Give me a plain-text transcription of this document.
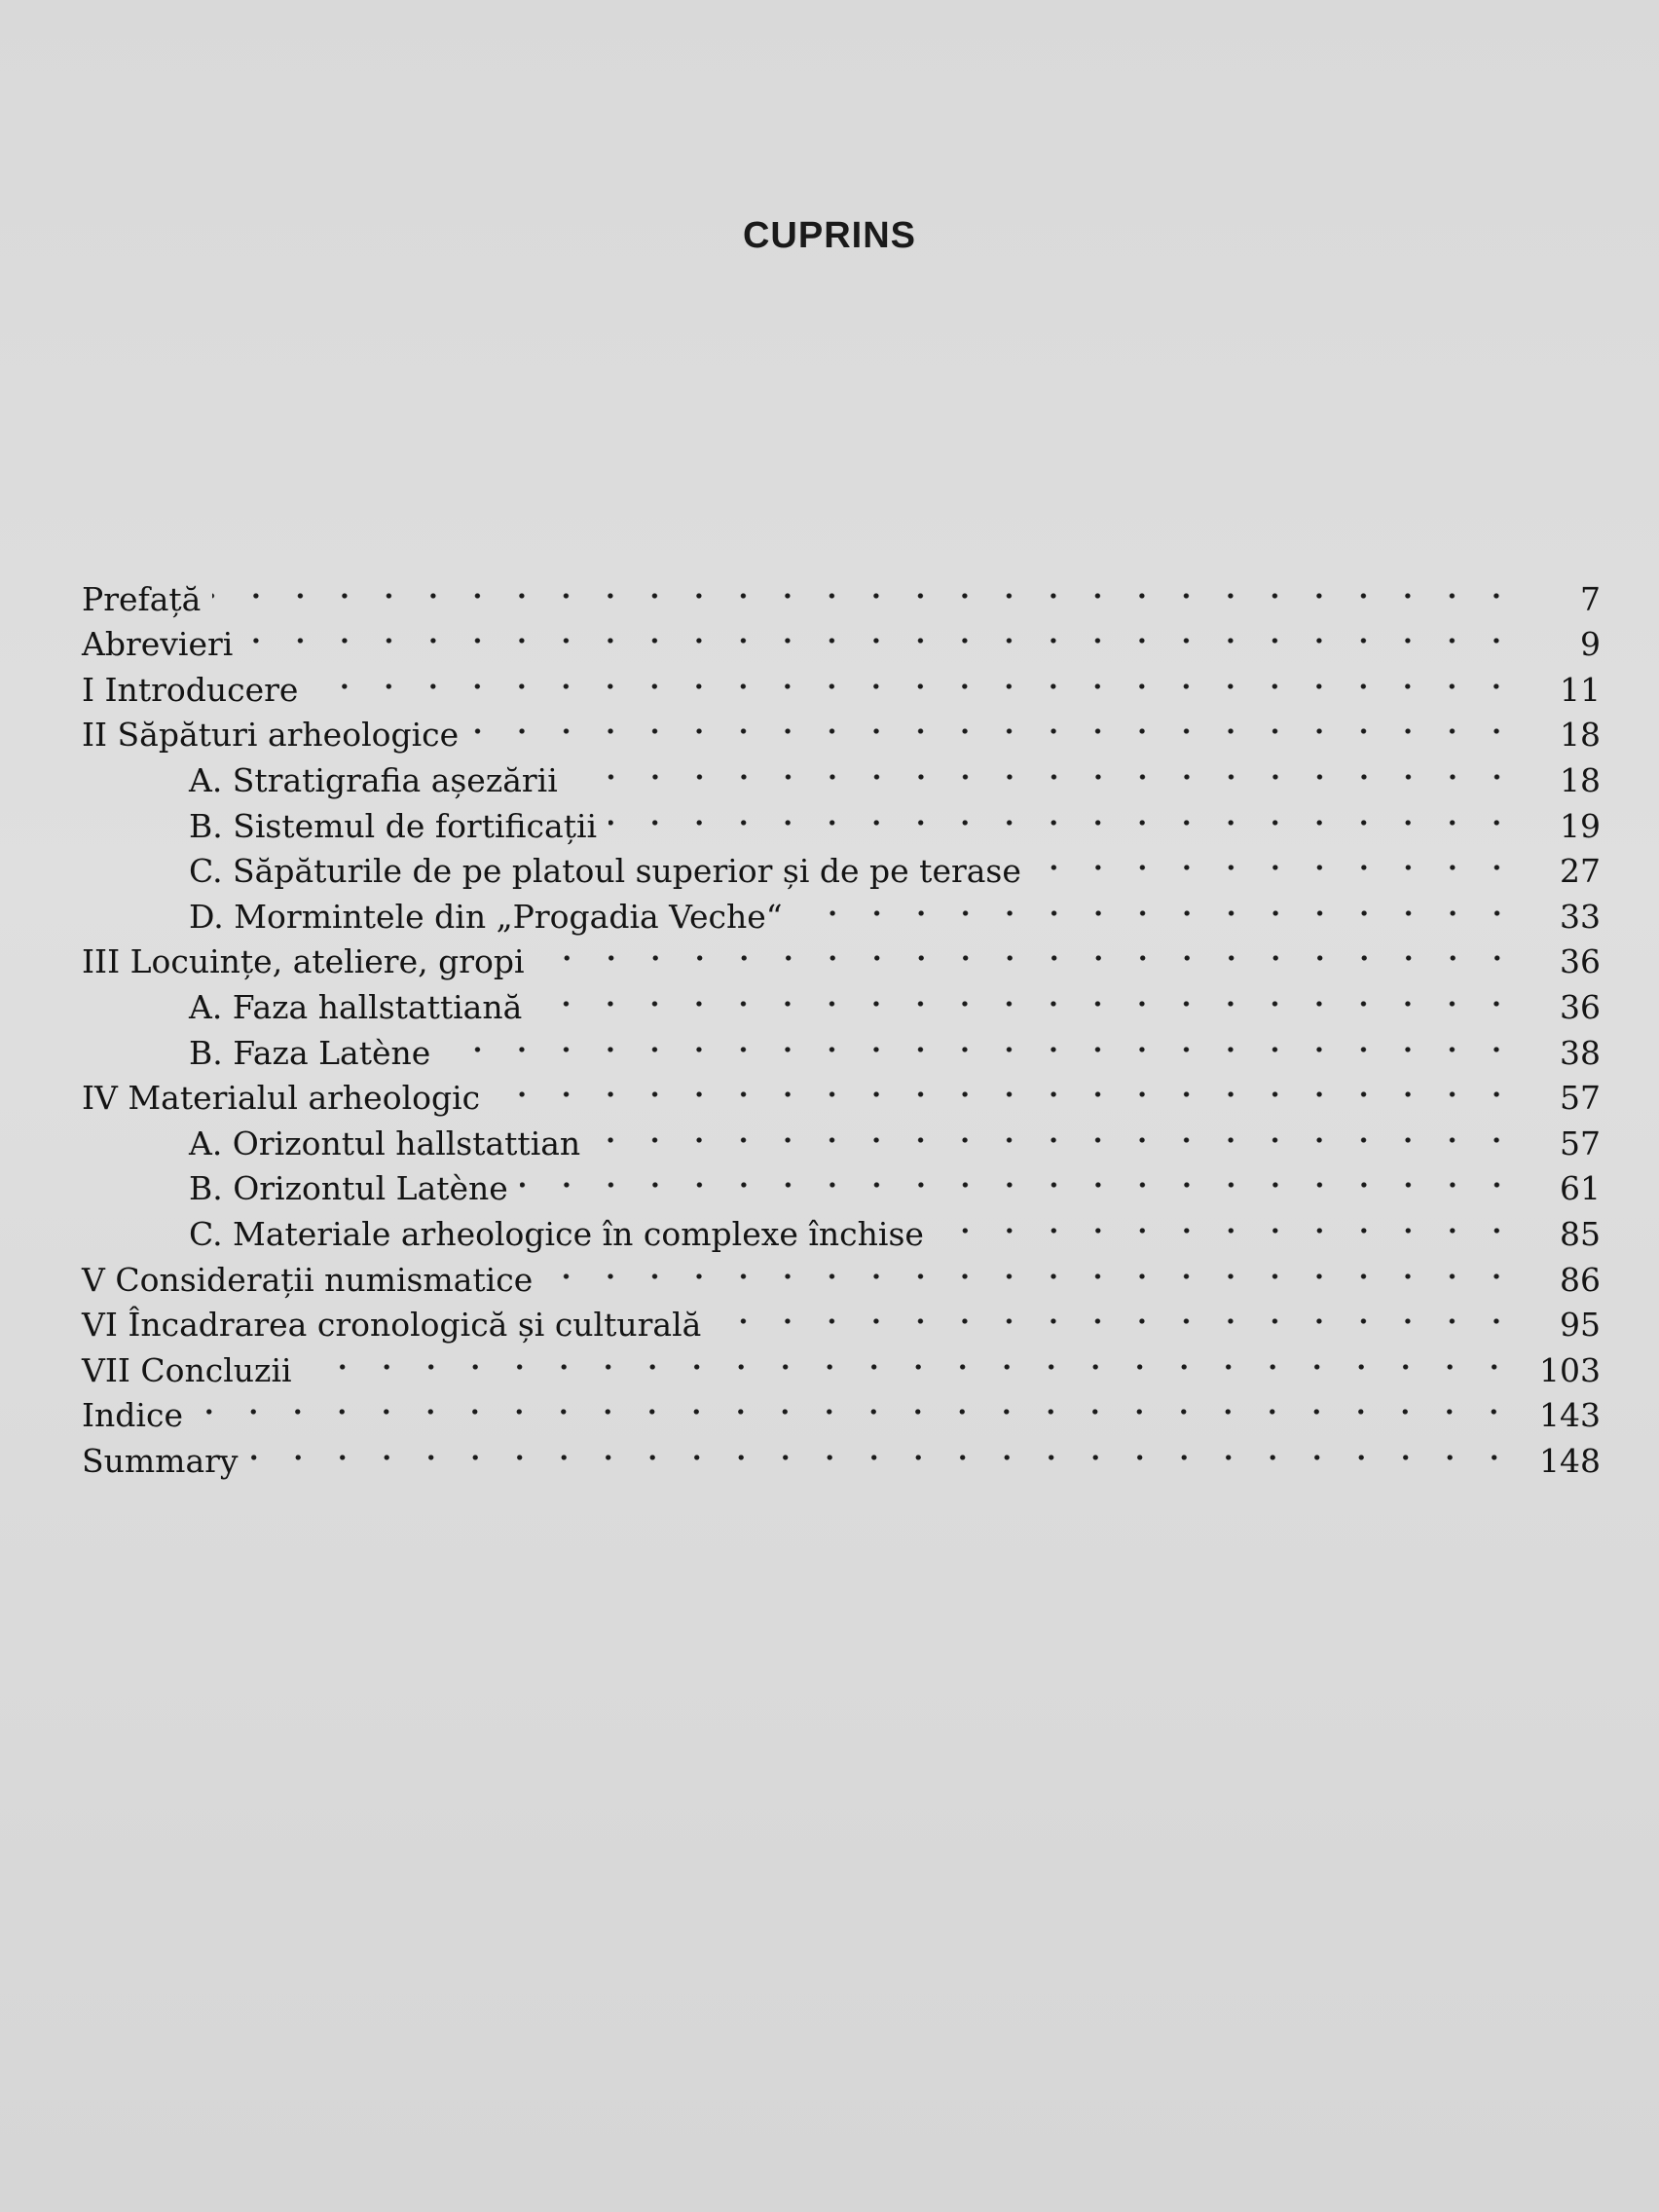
CUPRINS
Prefață	7
Abrevieri	9
I Introducere	11
II Săpături arheologice	18
A. Stratigrafia așezării	18
B. Sistemul de fortificații	19
C. Săpăturile de pe platoul superior și de pe terase	27
D. Mormintele din „Progadia Veche“	33
III Locuințe, ateliere, gropi	36
A. Faza hallstattiană	36
B. Faza Latène	38
IV Materialul arheologic	57
A. Orizontul hallstattian	57
B. Orizontul Latène	61
C. Materiale arheologice în complexe închise	85
V Considerații numismatice	86
VI Încadrarea cronologică și culturală	95
VII Concluzii	103
Indice	143
Summary	148
